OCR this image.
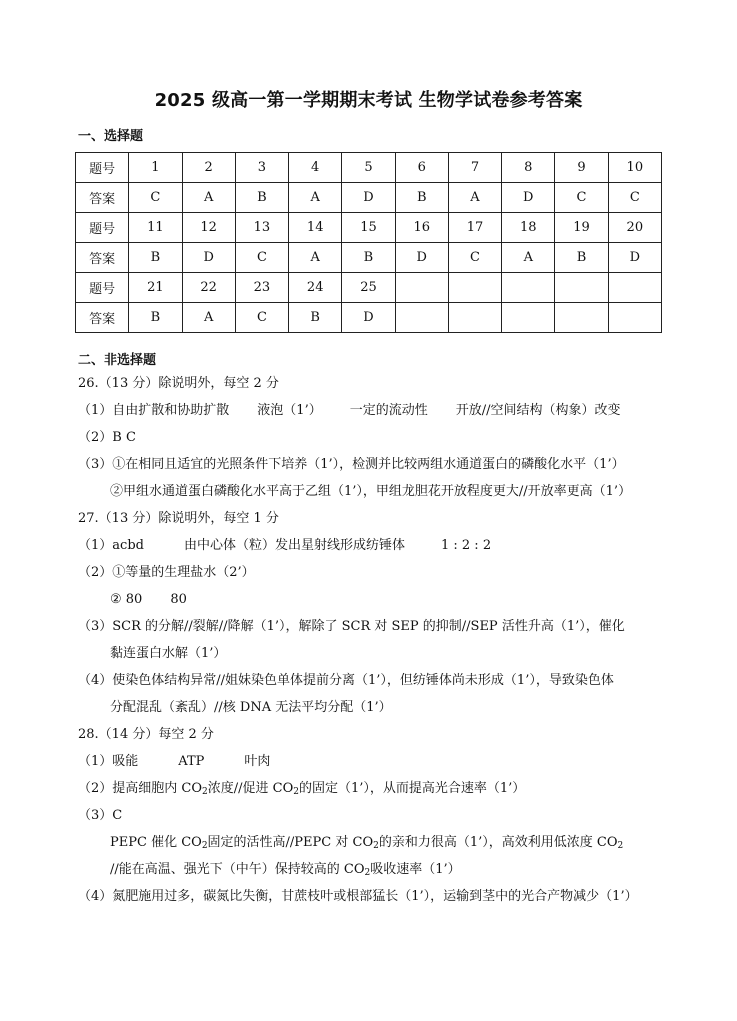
2025 级高一第一学期期末考试 生物学试卷参考答案
一、选择题
题号	1	2	3	4	5	6	7	8	9	10
答案	C	A	B	A	D	B	A	D	C	C
题号	11	12	13	14	15	16	17	18	19	20
答案	B	D	C	A	B	D	C	A	B	D
题号	21	22	23	24	25					
答案	B	A	C	B	D					
二、非选择题
26.（13 分）除说明外，每空 2 分
（1）自由扩散和协助扩散 液泡（1’） 一定的流动性 开放//空间结构（构象）改变
（2）B C
（3）①在相同且适宜的光照条件下培养（1’），检测并比较两组水通道蛋白的磷酸化水平（1’）
②甲组水通道蛋白磷酸化水平高于乙组（1’），甲组龙胆花开放程度更大//开放率更高（1’）
27.（13 分）除说明外，每空 1 分
（1）acbd	由中心体（粒）发出星射线形成纺锤体	1 : 2 : 2
（2）①等量的生理盐水（2’）
② 80 80
（3）SCR 的分解//裂解//降解（1’），解除了 SCR 对 SEP 的抑制//SEP 活性升高（1’），催化
黏连蛋白水解（1’）
（4）使染色体结构异常//姐妹染色单体提前分离（1’），但纺锤体尚未形成（1’），导致染色体
分配混乱（紊乱）//核 DNA 无法平均分配（1’）
28.（14 分）每空 2 分
（1）吸能	ATP	叶肉
（2）提高细胞内 $CO_2$浓度//促进 $CO_2$的固定（1’），从而提高光合速率（1’）
（3）C
PEPC 催化 $CO_2$固定的活性高//PEPC 对 $CO_2$的亲和力很高（1’），高效利用低浓度 $CO_2$
//能在高温、强光下（中午）保持较高的 $CO_2$吸收速率（1’）
（4）氮肥施用过多，碳氮比失衡，甘蔗枝叶或根部猛长（1’），运输到茎中的光合产物减少（1’）
